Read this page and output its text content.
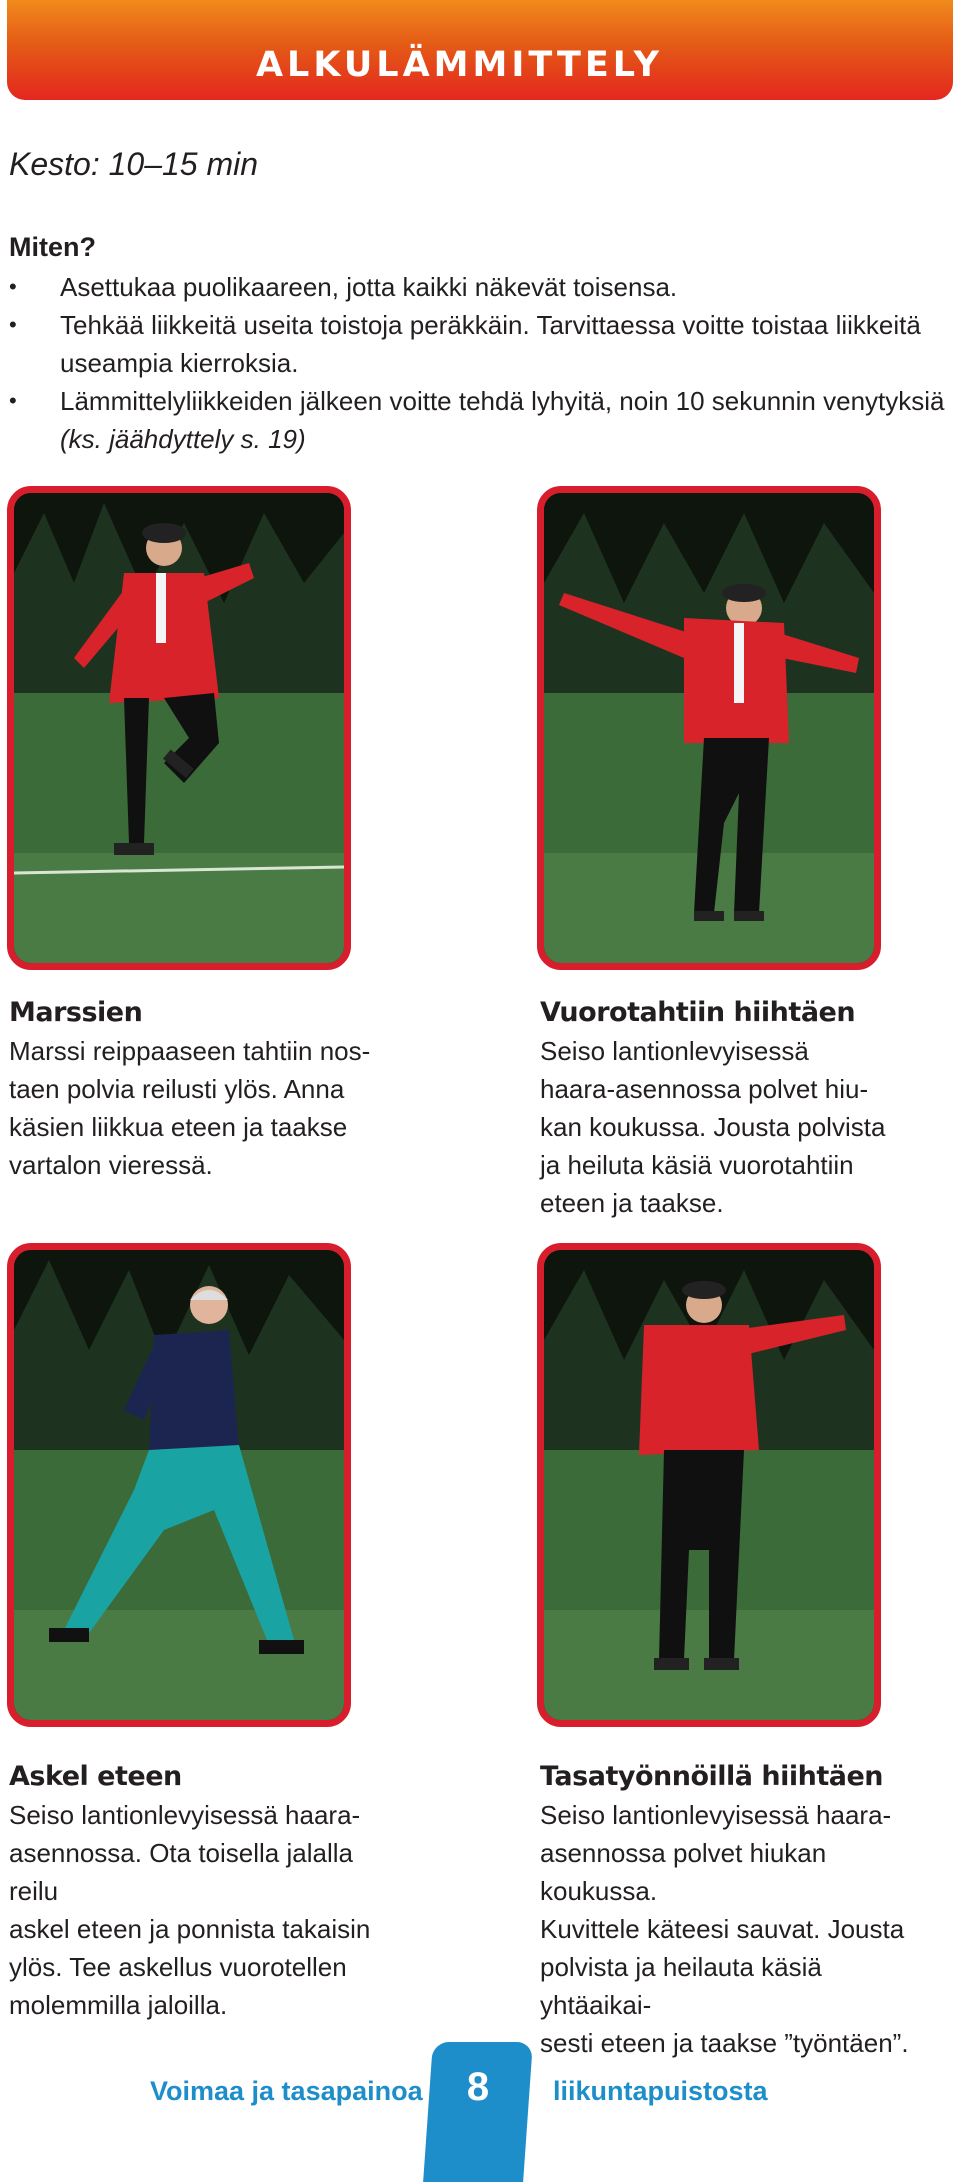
ALKULÄMMITTELY
Kesto: 10–15 min
Miten?
• Asettukaa puolikaareen, jotta kaikki näkevät toisensa.
• Tehkää liikkeitä useita toistoja peräkkäin. Tarvittaessa voitte toistaa liikkeitä useampia kierroksia.
• Lämmittelyliikkeiden jälkeen voitte tehdä lyhyitä, noin 10 sekunnin venytyksiä (ks. jäähdyttely s. 19)
Marssien
Marssi reippaaseen tahtiin nos-
taen polvia reilusti ylös. Anna
käsien liikkua eteen ja taakse
vartalon vieressä.
Vuorotahtiin hiihtäen
Seiso lantionlevyisessä
haara-asennossa polvet hiu-
kan koukussa. Jousta polvista
ja heiluta käsiä vuorotahtiin
eteen ja taakse.
Askel eteen
Seiso lantionlevyisessä haara-
asennossa. Ota toisella jalalla reilu
askel eteen ja ponnista takaisin
ylös. Tee askellus vuorotellen
molemmilla jaloilla.
Tasatyönnöillä hiihtäen
Seiso lantionlevyisessä haara-
asennossa polvet hiukan koukussa.
Kuvittele käteesi sauvat. Jousta
polvista ja heilauta käsiä yhtäaikai-
sesti eteen ja taakse ”työntäen”.
Voimaa ja tasapainoa	8	liikuntapuistosta
